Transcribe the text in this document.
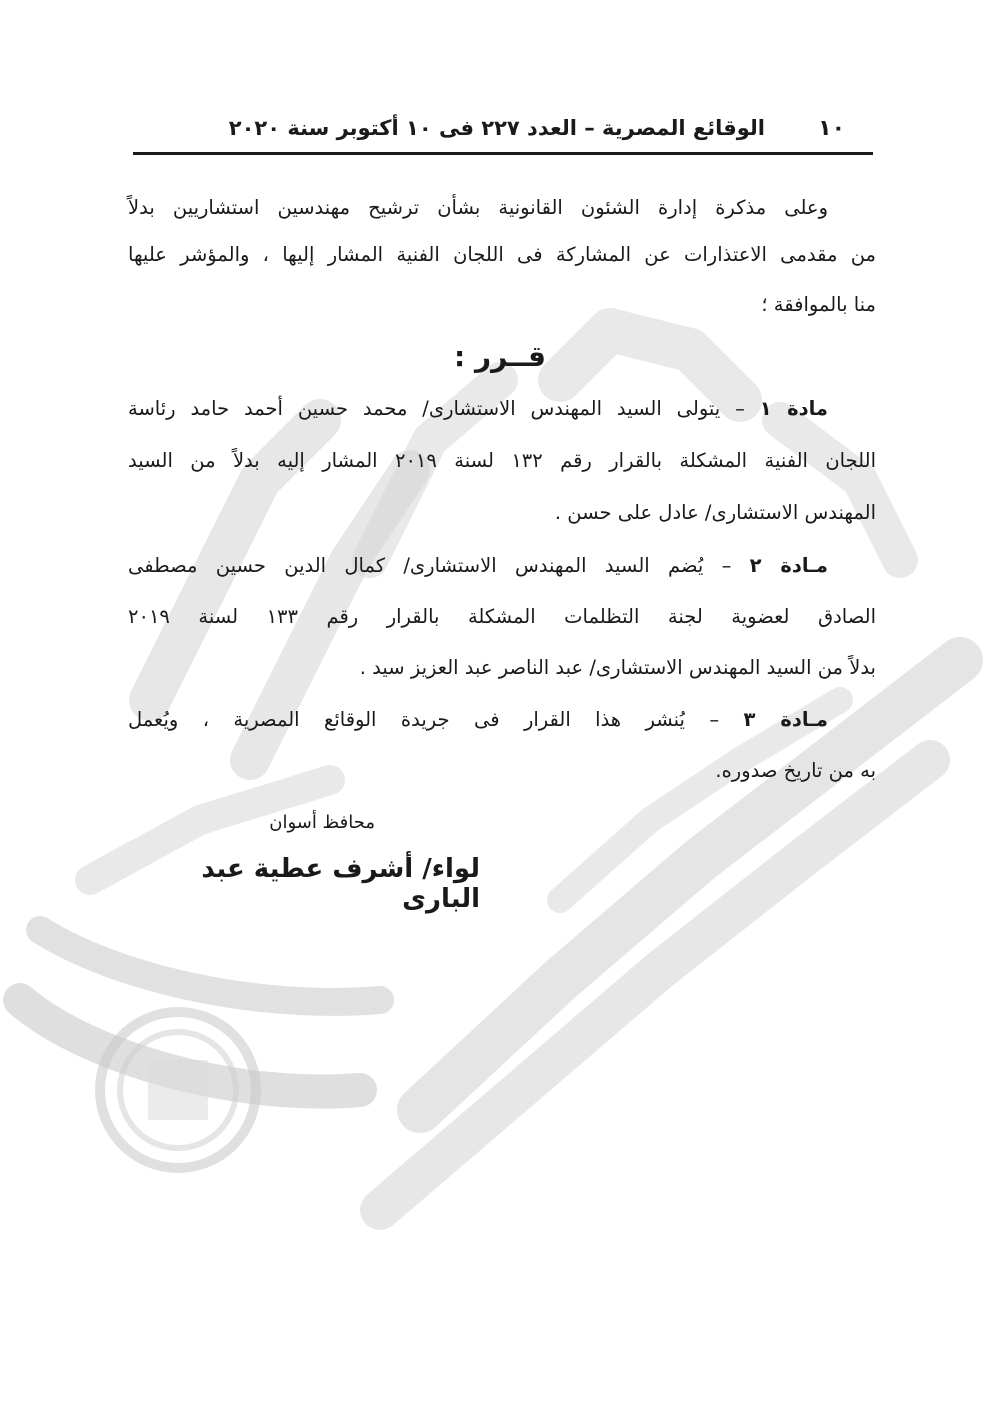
١٠
الوقائع المصرية – العدد ٢٢٧ فى ١٠ أكتوبر سنة ٢٠٢٠
وعلى مذكرة إدارة الشئون القانونية بشأن ترشيح مهندسين استشاريين بدلاً
من مقدمى الاعتذارات عن المشاركة فى اللجان الفنية المشار إليها ، والمؤشر عليها
منا بالموافقة ؛
قــرر :
مادة ١ – يتولى السيد المهندس الاستشارى/ محمد حسين أحمد حامد رئاسة
اللجان الفنية المشكلة بالقرار رقم ١٣٢ لسنة ٢٠١٩ المشار إليه بدلاً من السيد
المهندس الاستشارى/ عادل على حسن .
مـادة ٢ – يُضم السيد المهندس الاستشارى/ كمال الدين حسين مصطفى
الصادق لعضوية لجنة التظلمات المشكلة بالقرار رقم ١٣٣ لسنة ٢٠١٩
بدلاً من السيد المهندس الاستشارى/ عبد الناصر عبد العزيز سيد .
مـادة ٣ – يُنشر هذا القرار فى جريدة الوقائع المصرية ، ويُعمل
به من تاريخ صدوره.
محافظ أسوان
لواء/ أشرف عطية عبد البارى
